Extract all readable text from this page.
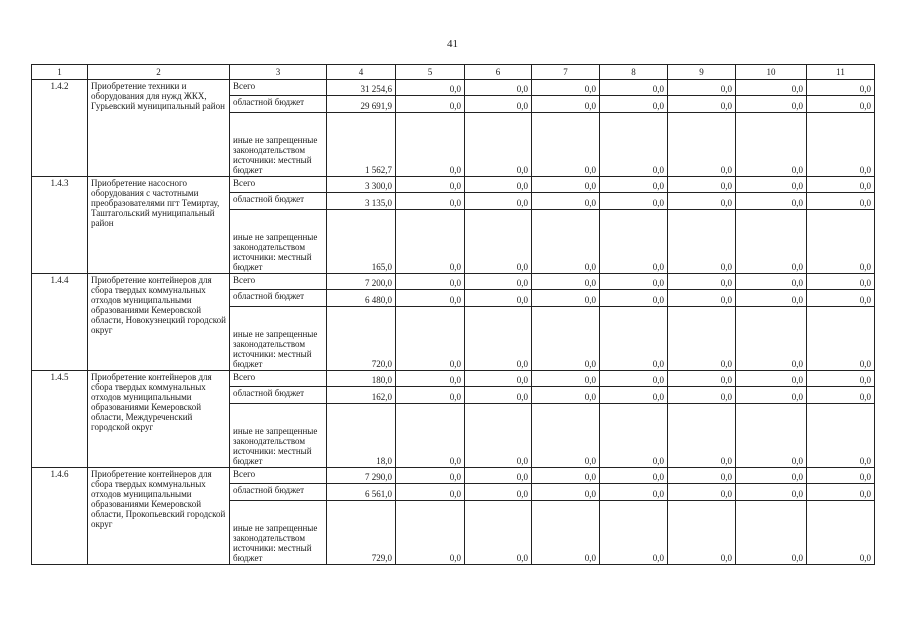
41
1	2	3	4	5	6	7	8	9	10	11
1.4.2	Приобретение техники и оборудования для нужд ЖКХ, Гурьевский муниципальный район	Всего	31 254,6	0,0	0,0	0,0	0,0	0,0	0,0	0,0
		областной бюджет	29 691,9	0,0	0,0	0,0	0,0	0,0	0,0	0,0
		иные не запрещенные законодательством источники: местный бюджет	1 562,7	0,0	0,0	0,0	0,0	0,0	0,0	0,0
1.4.3	Приобретение насосного оборудования с частотными преобразователями пгт Темиртау, Таштагольский муниципальный район	Всего	3 300,0	0,0	0,0	0,0	0,0	0,0	0,0	0,0
		областной бюджет	3 135,0	0,0	0,0	0,0	0,0	0,0	0,0	0,0
		иные не запрещенные законодательством источники: местный бюджет	165,0	0,0	0,0	0,0	0,0	0,0	0,0	0,0
1.4.4	Приобретение контейнеров для сбора твердых коммунальных отходов муниципальными образованиями Кемеровской области, Новокузнецкий городской округ	Всего	7 200,0	0,0	0,0	0,0	0,0	0,0	0,0	0,0
		областной бюджет	6 480,0	0,0	0,0	0,0	0,0	0,0	0,0	0,0
		иные не запрещенные законодательством источники: местный бюджет	720,0	0,0	0,0	0,0	0,0	0,0	0,0	0,0
1.4.5	Приобретение контейнеров для сбора твердых коммунальных отходов муниципальными образованиями Кемеровской области, Междуреченский городской округ	Всего	180,0	0,0	0,0	0,0	0,0	0,0	0,0	0,0
		областной бюджет	162,0	0,0	0,0	0,0	0,0	0,0	0,0	0,0
		иные не запрещенные законодательством источники: местный бюджет	18,0	0,0	0,0	0,0	0,0	0,0	0,0	0,0
1.4.6	Приобретение контейнеров для сбора твердых коммунальных отходов муниципальными образованиями Кемеровской области, Прокопьевский городской округ	Всего	7 290,0	0,0	0,0	0,0	0,0	0,0	0,0	0,0
		областной бюджет	6 561,0	0,0	0,0	0,0	0,0	0,0	0,0	0,0
		иные не запрещенные законодательством источники: местный бюджет	729,0	0,0	0,0	0,0	0,0	0,0	0,0	0,0
